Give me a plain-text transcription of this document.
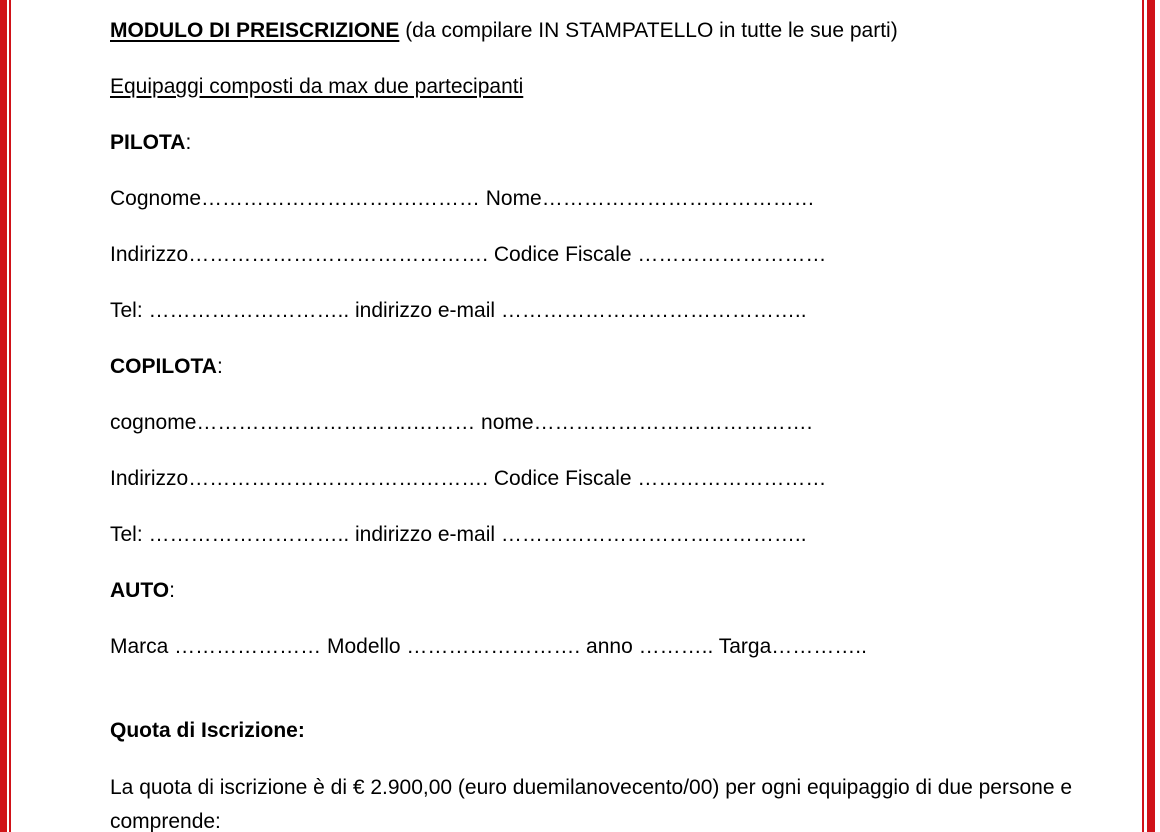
MODULO DI PREISCRIZIONE (da compilare IN STAMPATELLO in tutte le sue parti)
Equipaggi composti da max due partecipanti
PILOTA:
Cognome………………………….……… Nome…………………………………
Indirizzo……………………………………. Codice Fiscale ………………………
Tel: ……………………….. indirizzo e-mail ……………………………………..
COPILOTA:
cognome………………………….……… nome………………………………….
Indirizzo……………………………………. Codice Fiscale ………………………
Tel: ……………………….. indirizzo e-mail ……………………………………..
AUTO:
Marca ………………… Modello ……………………. anno ……….. Targa…………..
Quota di Iscrizione:
La quota di iscrizione è di € 2.900,00 (euro duemilanovecento/00) per ogni equipaggio di due persone e comprende:
